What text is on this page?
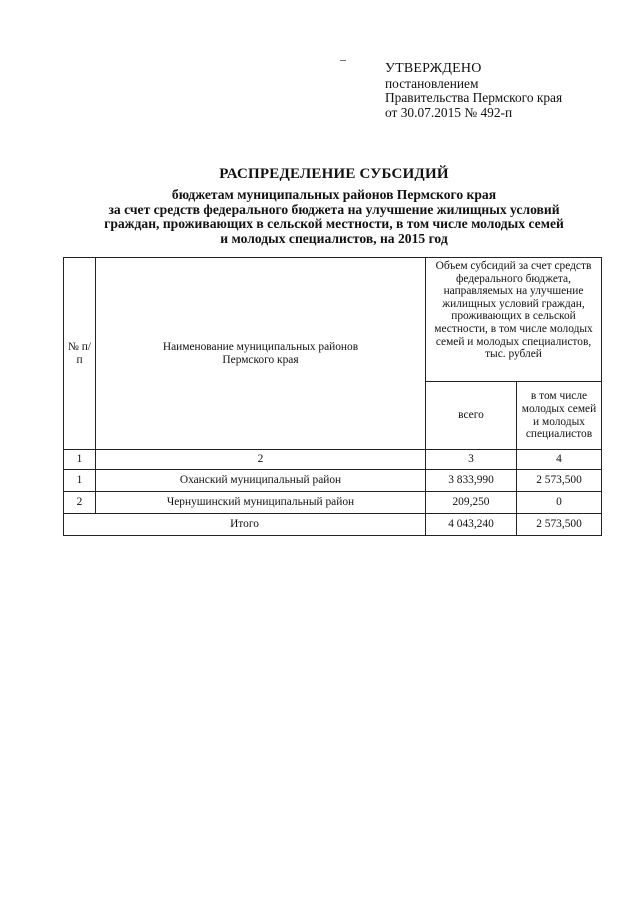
УТВЕРЖДЕНО
постановлением
Правительства Пермского края
от 30.07.2015 № 492-п
РАСПРЕДЕЛЕНИЕ СУБСИДИЙ
бюджетам муниципальных районов Пермского края
за счет средств федерального бюджета на улучшение жилищных условий
граждан, проживающих в сельской местности, в том числе молодых семей
и молодых специалистов, на 2015 год
№ п/п	Наименование муниципальных районов Пермского края	Объем субсидий за счет средств федерального бюджета, направляемых на улучшение жилищных условий граждан, проживающих в сельской местности, в том числе молодых семей и молодых специалистов, тыс. рублей	

		всего	в том числе молодых семей и молодых специалистов

1	2	3	4
1	Оханский муниципальный район	3 833,990	2 573,500
2	Чернушинский муниципальный район	209,250	0
Итого		4 043,240	2 573,500
